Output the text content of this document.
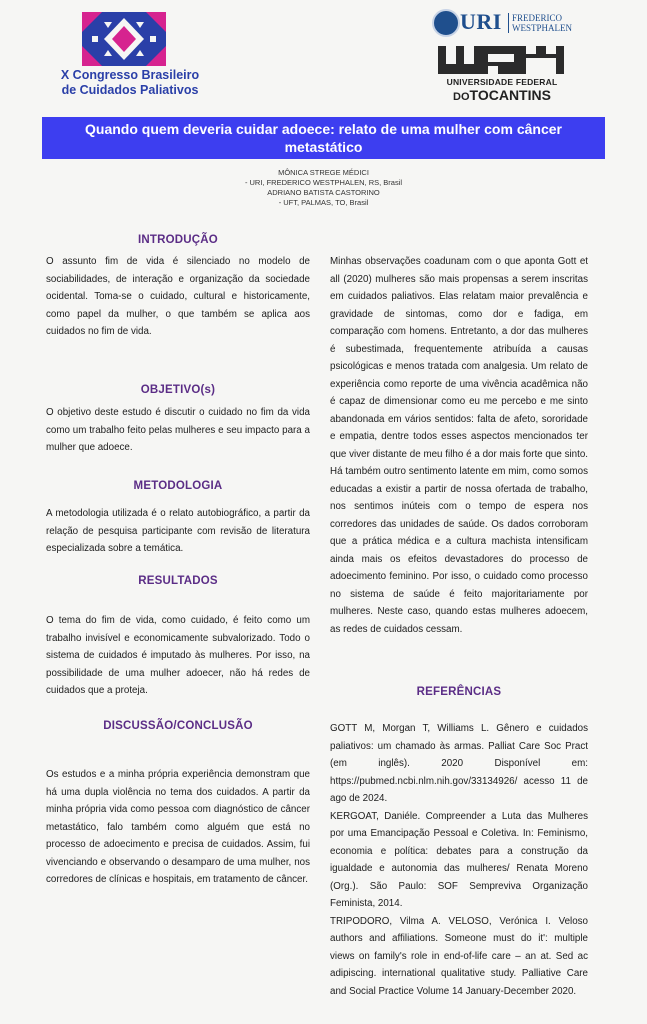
X Congresso Brasileiro
de Cuidados Paliativos
URI FREDERICO
WESTPHALEN
UNIVERSIDADE FEDERAL
DOTOCANTINS
Quando quem deveria cuidar adoece: relato de uma mulher com câncer
metastático
MÔNICA STREGE MÉDICI
- URI, FREDERICO WESTPHALEN, RS, Brasil
ADRIANO BATISTA CASTORINO
- UFT, PALMAS, TO, Brasil
INTRODUÇÃO
O assunto fim de vida é silenciado no modelo de sociabilidades, de interação e organização da sociedade ocidental. Toma-se o cuidado, cultural e historicamente, como papel da mulher, o que também se aplica aos cuidados no fim de vida.
OBJETIVO(s)
O objetivo deste estudo é discutir o cuidado no fim da vida como um trabalho feito pelas mulheres e seu impacto para a mulher que adoece.
METODOLOGIA
A metodologia utilizada é o relato autobiográfico, a partir da relação de pesquisa participante com revisão de literatura especializada sobre a temática.
RESULTADOS
O tema do fim de vida, como cuidado, é feito como um trabalho invisível e economicamente subvalorizado. Todo o sistema de cuidados é imputado às mulheres. Por isso, na possibilidade de uma mulher adoecer, não há redes de cuidados que a proteja.
DISCUSSÃO/CONCLUSÃO
Os estudos e a minha própria experiência demonstram que há uma dupla violência no tema dos cuidados. A partir da minha própria vida como pessoa com diagnóstico de câncer metastático, falo também como alguém que está no processo de adoecimento e precisa de cuidados. Assim, fui vivenciando e observando o desamparo de uma mulher, nos corredores de clínicas e hospitais, em tratamento de câncer.
Minhas observações coadunam com o que aponta Gott et all (2020) mulheres são mais propensas a serem inscritas em cuidados paliativos. Elas relatam maior prevalência e gravidade de sintomas, como dor e fadiga, em comparação com homens. Entretanto, a dor das mulheres é subestimada, frequentemente atribuída a causas psicológicas e menos tratada com analgesia. Um relato de experiência como reporte de uma vivência acadêmica não é capaz de dimensionar como eu me percebo e me sinto abandonada em vários sentidos: falta de afeto, sororidade e empatia, dentre todos esses aspectos mencionados ter que viver distante de meu filho é a dor mais forte que sinto. Há também outro sentimento latente em mim, como somos educadas a existir a partir de nossa ofertada de trabalho, nos sentimos inúteis com o tempo de espera nos corredores das unidades de saúde. Os dados corroboram que a prática médica e a cultura machista intensificam ainda mais os efeitos devastadores do processo de adoecimento feminino. Por isso, o cuidado como processo no sistema de saúde é feito majoritariamente por mulheres. Neste caso, quando estas mulheres adoecem, as redes de cuidados cessam.
REFERÊNCIAS
GOTT M, Morgan T, Williams L. Gênero e cuidados paliativos: um chamado às armas. Palliat Care Soc Pract (em inglês). 2020 Disponível em: https://pubmed.ncbi.nlm.nih.gov/33134926/ acesso 11 de ago de 2024.
KERGOAT, Daniéle. Compreender a Luta das Mulheres por uma Emancipação Pessoal e Coletiva. In: Feminismo, economia e política: debates para a construção da igualdade e autonomia das mulheres/ Renata Moreno (Org.). São Paulo: SOF Sempreviva Organização Feminista, 2014.
TRIPODORO, Vilma A. VELOSO, Verónica I. Veloso authors and affiliations. Someone must do it': multiple views on family's role in end-of-life care – an at. Sed ac adipiscing. international qualitative study. Palliative Care and Social Practice Volume 14 January-December 2020.
